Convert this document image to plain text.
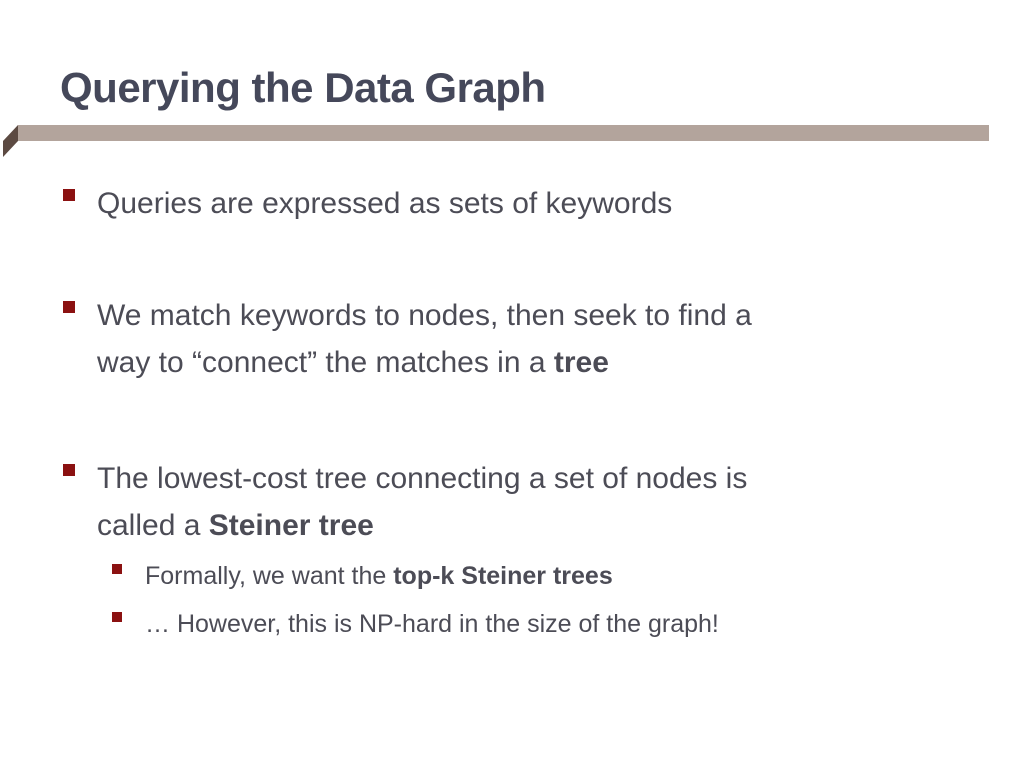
Querying the Data Graph
Queries are expressed as sets of keywords
We match keywords to nodes, then seek to find a
way to “connect” the matches in a tree
The lowest-cost tree connecting a set of nodes is
called a Steiner tree
Formally, we want the top-k Steiner trees
… However, this is NP-hard in the size of the graph!
